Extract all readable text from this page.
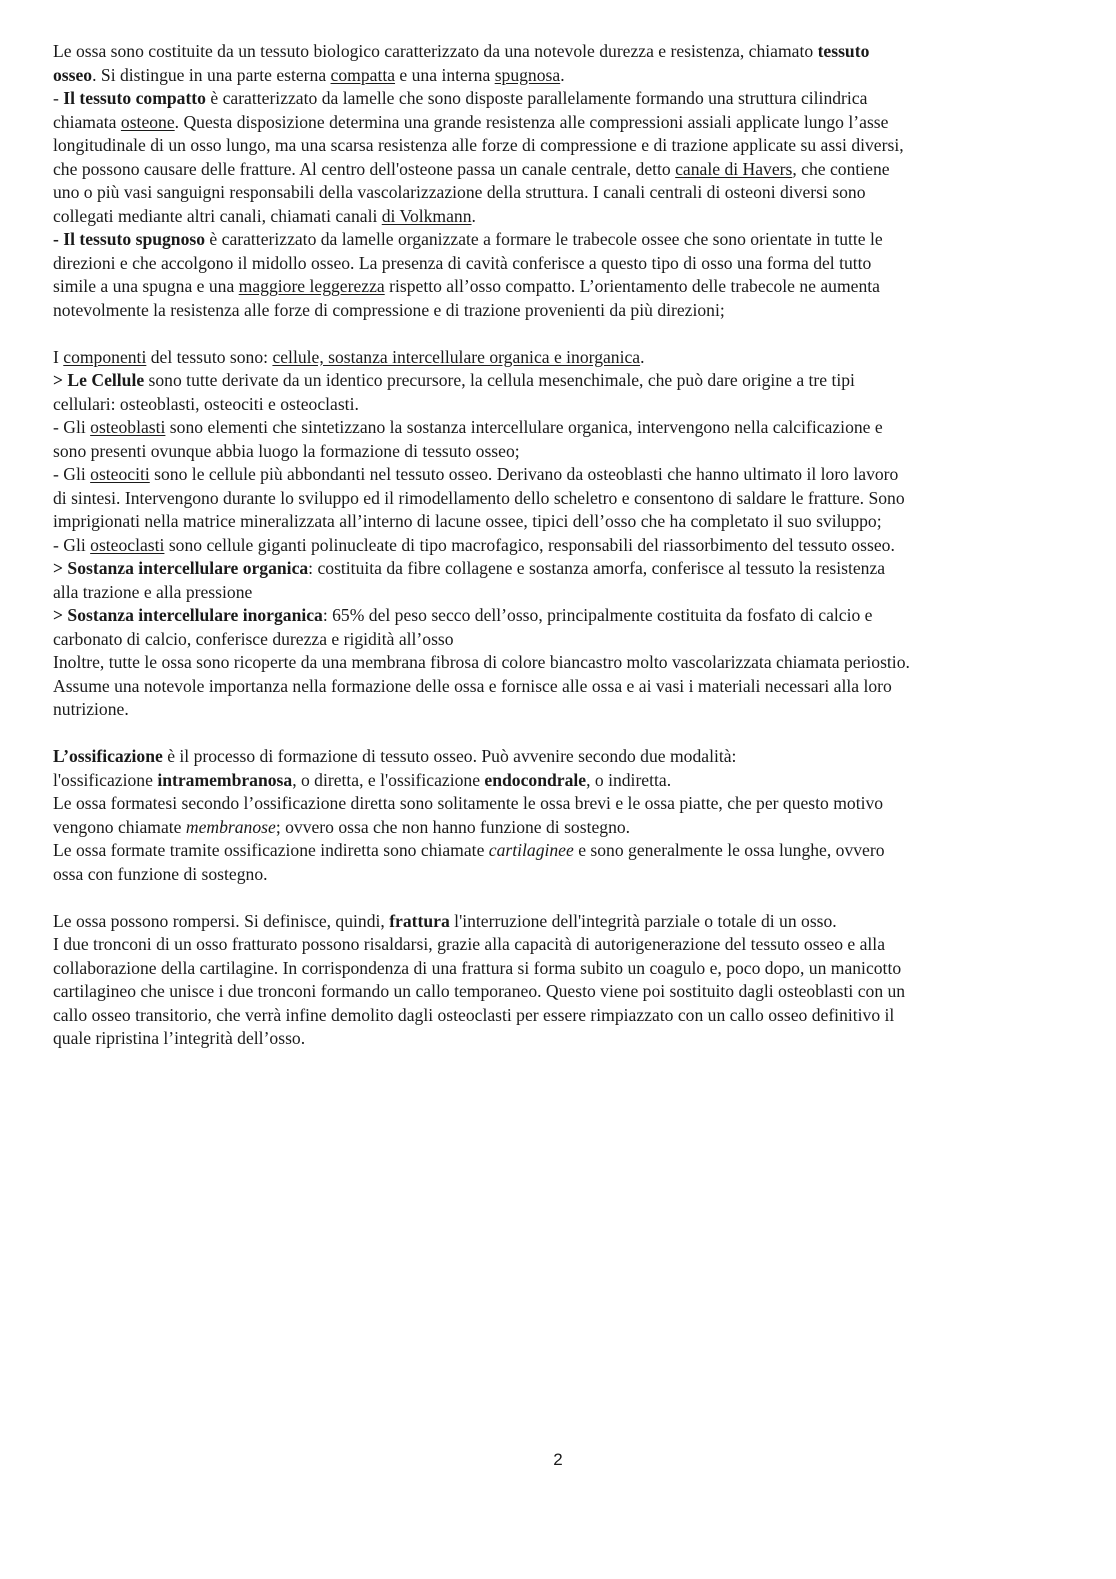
Le ossa sono costituite da un tessuto biologico caratterizzato da una notevole durezza e resistenza, chiamato tessuto
osseo. Si distingue in una parte esterna compatta e una interna spugnosa.
- Il tessuto compatto è caratterizzato da lamelle che sono disposte parallelamente formando una struttura cilindrica
chiamata osteone. Questa disposizione determina una grande resistenza alle compressioni assiali applicate lungo l’asse
longitudinale di un osso lungo, ma una scarsa resistenza alle forze di compressione e di trazione applicate su assi diversi,
che possono causare delle fratture. Al centro dell'osteone passa un canale centrale, detto canale di Havers, che contiene
uno o più vasi sanguigni responsabili della vascolarizzazione della struttura. I canali centrali di osteoni diversi sono
collegati mediante altri canali, chiamati canali di Volkmann.
- Il tessuto spugnoso è caratterizzato da lamelle organizzate a formare le trabecole ossee che sono orientate in tutte le
direzioni e che accolgono il midollo osseo. La presenza di cavità conferisce a questo tipo di osso una forma del tutto
simile a una spugna e una maggiore leggerezza rispetto all’osso compatto. L’orientamento delle trabecole ne aumenta
notevolmente la resistenza alle forze di compressione e di trazione provenienti da più direzioni;
I componenti del tessuto sono: cellule, sostanza intercellulare organica e inorganica.
> Le Cellule sono tutte derivate da un identico precursore, la cellula mesenchimale, che può dare origine a tre tipi
cellulari: osteoblasti, osteociti e osteoclasti.
- Gli osteoblasti sono elementi che sintetizzano la sostanza intercellulare organica, intervengono nella calcificazione e
sono presenti ovunque abbia luogo la formazione di tessuto osseo;
- Gli osteociti sono le cellule più abbondanti nel tessuto osseo. Derivano da osteoblasti che hanno ultimato il loro lavoro
di sintesi. Intervengono durante lo sviluppo ed il rimodellamento dello scheletro e consentono di saldare le fratture. Sono
imprigionati nella matrice mineralizzata all’interno di lacune ossee, tipici dell’osso che ha completato il suo sviluppo;
- Gli osteoclasti sono cellule giganti polinucleate di tipo macrofagico, responsabili del riassorbimento del tessuto osseo.
> Sostanza intercellulare organica: costituita da fibre collagene e sostanza amorfa, conferisce al tessuto la resistenza
alla trazione e alla pressione
> Sostanza intercellulare inorganica: 65% del peso secco dell’osso, principalmente costituita da fosfato di calcio e
carbonato di calcio, conferisce durezza e rigidità all’osso
Inoltre, tutte le ossa sono ricoperte da una membrana fibrosa di colore biancastro molto vascolarizzata chiamata periostio.
Assume una notevole importanza nella formazione delle ossa e fornisce alle ossa e ai vasi i materiali necessari alla loro
nutrizione.
L’ossificazione è il processo di formazione di tessuto osseo. Può avvenire secondo due modalità:
l'ossificazione intramembranosa, o diretta, e l'ossificazione endocondrale, o indiretta.
Le ossa formatesi secondo l’ossificazione diretta sono solitamente le ossa brevi e le ossa piatte, che per questo motivo
vengono chiamate membranose; ovvero ossa che non hanno funzione di sostegno.
Le ossa formate tramite ossificazione indiretta sono chiamate cartilaginee e sono generalmente le ossa lunghe, ovvero
ossa con funzione di sostegno.
Le ossa possono rompersi. Si definisce, quindi, frattura l'interruzione dell'integrità parziale o totale di un osso.
I due tronconi di un osso fratturato possono risaldarsi, grazie alla capacità di autorigenerazione del tessuto osseo e alla
collaborazione della cartilagine. In corrispondenza di una frattura si forma subito un coagulo e, poco dopo, un manicotto
cartilagineo che unisce i due tronconi formando un callo temporaneo. Questo viene poi sostituito dagli osteoblasti con un
callo osseo transitorio, che verrà infine demolito dagli osteoclasti per essere rimpiazzato con un callo osseo definitivo il
quale ripristina l’integrità dell’osso.
2
